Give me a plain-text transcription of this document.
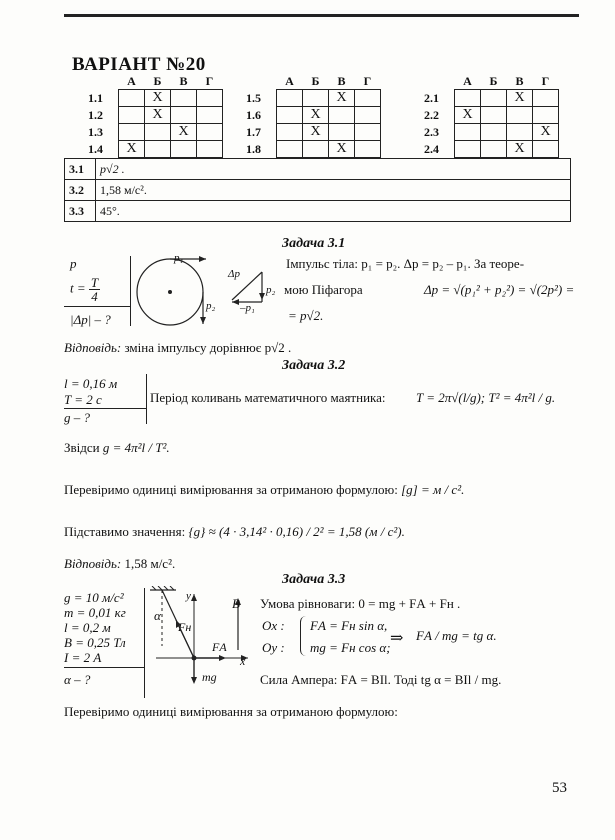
ВАРІАНТ №20
	А	Б	В	Г
1.1		X		
1.2		X		
1.3			X	
1.4	X			
	А	Б	В	Г
1.5			X	
1.6		X		
1.7		X		
1.8			X	
	А	Б	В	Г
2.1			X	
2.2	X			
2.3				X
2.4			X	
3.1	p√2 .
3.2	1,58 м/с².
3.3	45°.
Задача 3.1
p
$t = \frac{T}{4}$
|Δp| – ?
p₁
p₂
Δp
p₂
–p₁
Імпульс тіла: p₁ = p₂. Δp = p₂ – p₁. За теоре-
мою Піфагора	Δp = √(p₁² + p₂²) = √(2p²) =
= p√2.
Відповідь: зміна імпульсу дорівнює p√2 .
Задача 3.2
l = 0,16 м
T = 2 с
g – ?
Період коливань математичного маятника: T = 2π√(l/g); T² = 4π²l / g.
Звідси g = 4π²l / T².
Перевіримо одиниці вимірювання за отриманою формулою: [g] = м / с².
Підставимо значення: {g} ≈ (4 · 3,14² · 0,16) / 2² = 1,58 (м / с²).
Відповідь: 1,58 м/с².
Задача 3.3
g = 10 м/с²
m = 0,01 кг
l = 0,2 м
B = 0,25 Тл
I = 2 А
α – ?
B
α
Fн
FА
mg
x
y	Умова рівноваги: 0 = mg + FА + Fн .
Ox :
Oy :
FА = Fн sin α,
mg = Fн cos α;
⇒ FА / mg = tg α.
Сила Ампера: FА = BIl. Тоді tg α = BIl / mg.
Перевіримо одиниці вимірювання за отриманою формулою:
53
